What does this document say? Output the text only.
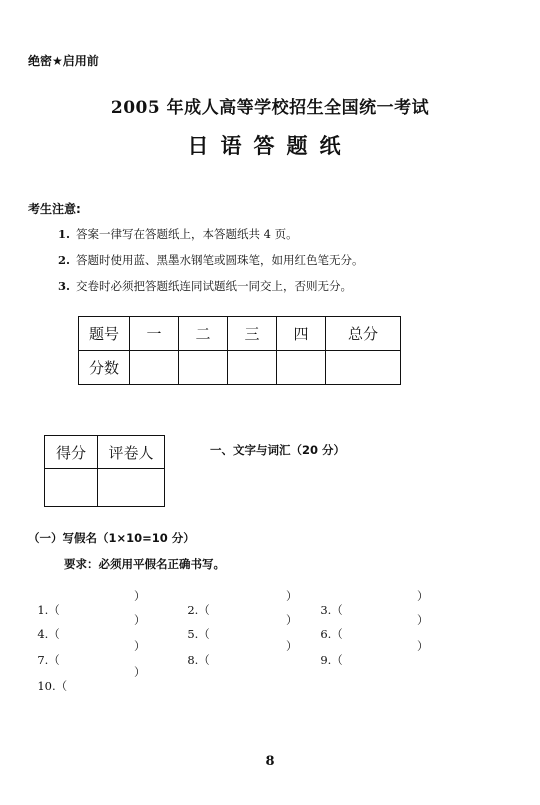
绝密★启用前
2005 年成人高等学校招生全国统一考试
日语答题纸
考生注意:
1. 答案一律写在答题纸上，本答题纸共 4 页。
2. 答题时使用蓝、黑墨水钢笔或圆珠笔，如用红色笔无分。
3. 交卷时必须把答题纸连同试题纸一同交上，否则无分。
题号	一	二	三	四	总分
分数					
得分	评卷人
		一、文字与词汇（20 分）
（一）写假名（1×10=10 分）
要求：必须用平假名正确书写。

1.（

）

2.（

）

3.（

）

4.（

）

5.（

）

6.（

）

7.（

）

8.（

）

9.（

）

10.（

）

8
